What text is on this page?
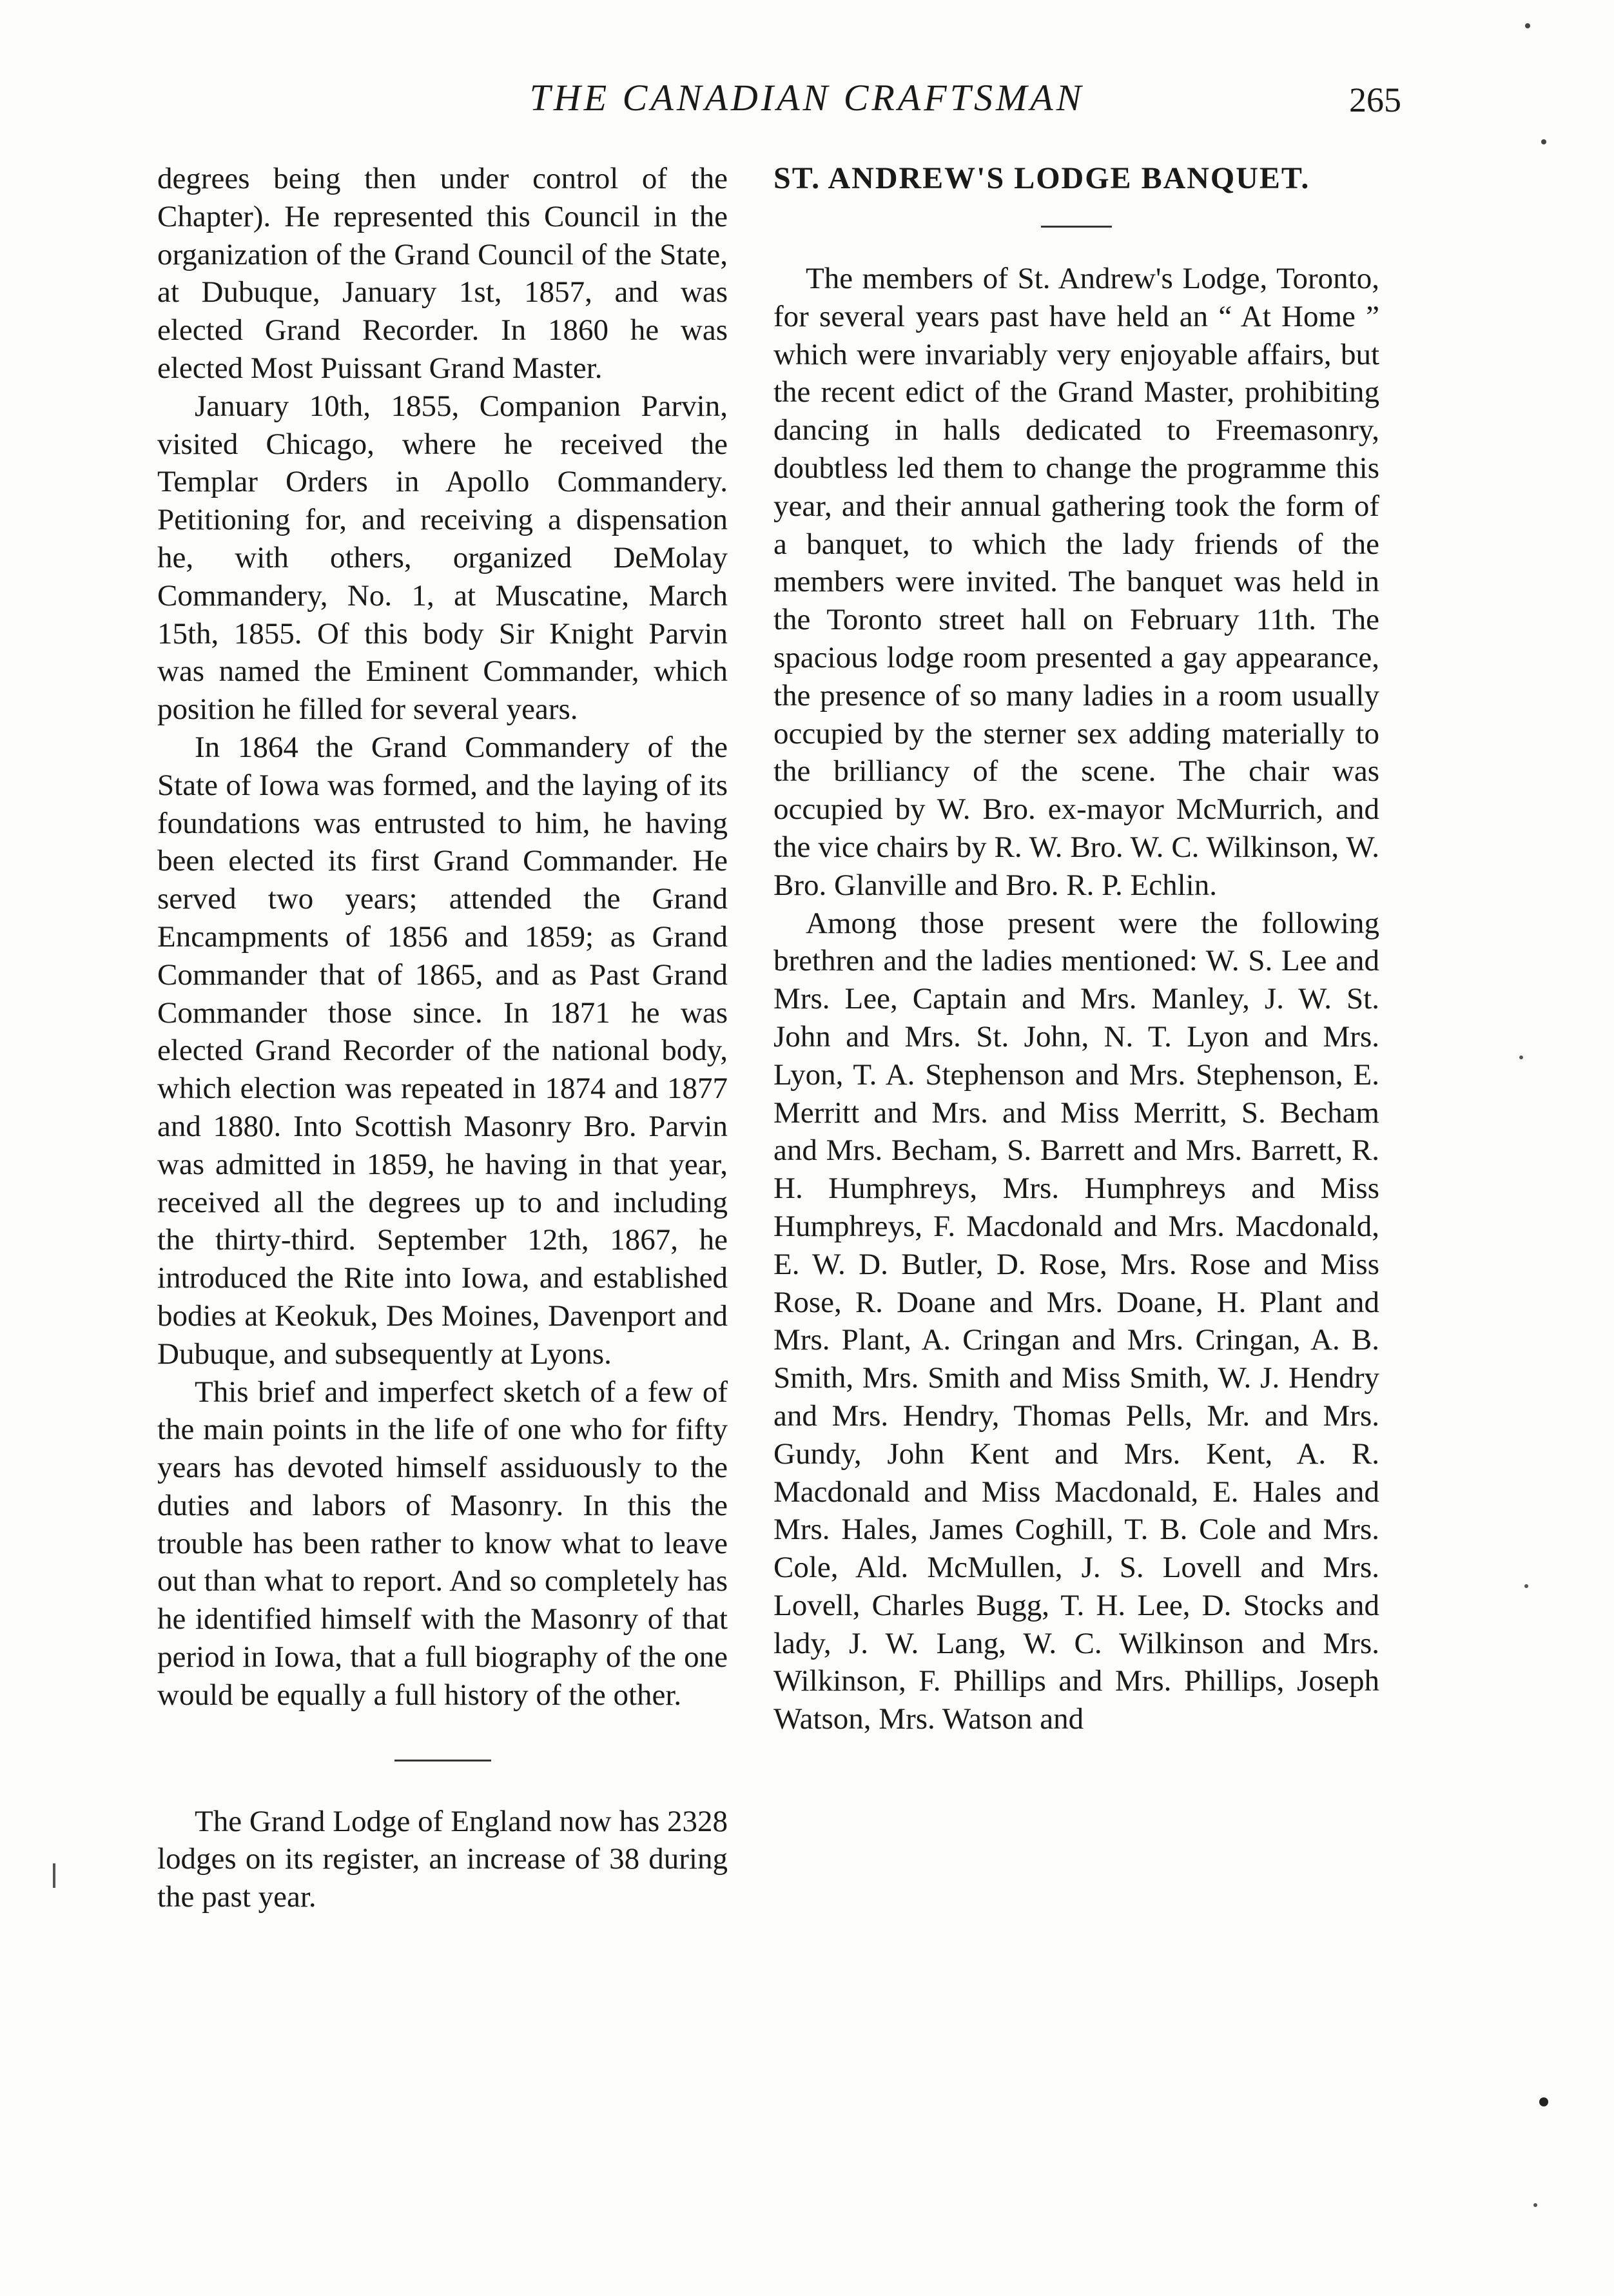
THE CANADIAN CRAFTSMAN	265

degrees being then under control of the Chapter). He represented this Council in the organization of the Grand Council of the State, at Dubuque, January 1st, 1857, and was elected Grand Recorder. In 1860 he was elected Most Puissant Grand Master.

January 10th, 1855, Companion Parvin, visited Chicago, where he received the Templar Orders in Apollo Commandery. Petitioning for, and receiving a dispensation he, with others, organized DeMolay Commandery, No. 1, at Muscatine, March 15th, 1855. Of this body Sir Knight Parvin was named the Eminent Commander, which position he filled for several years.

In 1864 the Grand Commandery of the State of Iowa was formed, and the laying of its foundations was entrusted to him, he having been elected its first Grand Commander. He served two years; attended the Grand Encampments of 1856 and 1859; as Grand Commander that of 1865, and as Past Grand Commander those since. In 1871 he was elected Grand Recorder of the national body, which election was repeated in 1874 and 1877 and 1880. Into Scottish Masonry Bro. Parvin was admitted in 1859, he having in that year, received all the degrees up to and including the thirty-third. September 12th, 1867, he introduced the Rite into Iowa, and established bodies at Keokuk, Des Moines, Davenport and Dubuque, and subsequently at Lyons.

This brief and imperfect sketch of a few of the main points in the life of one who for fifty years has devoted himself assiduously to the duties and labors of Masonry. In this the trouble has been rather to know what to leave out than what to report. And so completely has he identified himself with the Masonry of that period in Iowa, that a full biography of the one would be equally a full history of the other.

The Grand Lodge of England now has 2328 lodges on its register, an increase of 38 during the past year.

ST. ANDREW'S LODGE BANQUET.

The members of St. Andrew's Lodge, Toronto, for several years past have held an “ At Home ” which were invariably very enjoyable affairs, but the recent edict of the Grand Master, prohibiting dancing in halls dedicated to Freemasonry, doubtless led them to change the programme this year, and their annual gathering took the form of a banquet, to which the lady friends of the members were invited. The banquet was held in the Toronto street hall on February 11th. The spacious lodge room presented a gay appearance, the presence of so many ladies in a room usually occupied by the sterner sex adding materially to the brilliancy of the scene. The chair was occupied by W. Bro. ex-mayor McMurrich, and the vice chairs by R. W. Bro. W. C. Wilkinson, W. Bro. Glanville and Bro. R. P. Echlin.

Among those present were the following brethren and the ladies mentioned: W. S. Lee and Mrs. Lee, Captain and Mrs. Manley, J. W. St. John and Mrs. St. John, N. T. Lyon and Mrs. Lyon, T. A. Stephenson and Mrs. Stephenson, E. Merritt and Mrs. and Miss Merritt, S. Becham and Mrs. Becham, S. Barrett and Mrs. Barrett, R. H. Humphreys, Mrs. Humphreys and Miss Humphreys, F. Macdonald and Mrs. Macdonald, E. W. D. Butler, D. Rose, Mrs. Rose and Miss Rose, R. Doane and Mrs. Doane, H. Plant and Mrs. Plant, A. Cringan and Mrs. Cringan, A. B. Smith, Mrs. Smith and Miss Smith, W. J. Hendry and Mrs. Hendry, Thomas Pells, Mr. and Mrs. Gundy, John Kent and Mrs. Kent, A. R. Macdonald and Miss Macdonald, E. Hales and Mrs. Hales, James Coghill, T. B. Cole and Mrs. Cole, Ald. McMullen, J. S. Lovell and Mrs. Lovell, Charles Bugg, T. H. Lee, D. Stocks and lady, J. W. Lang, W. C. Wilkinson and Mrs. Wilkinson, F. Phillips and Mrs. Phillips, Joseph Watson, Mrs. Watson and
